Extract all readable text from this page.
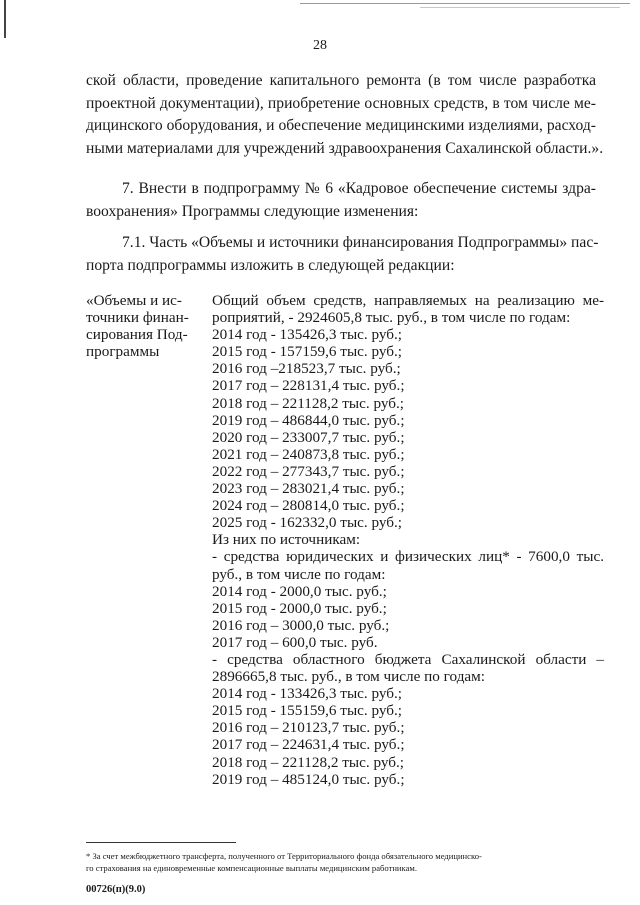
28
ской области, проведение капитального ремонта (в том числе разработка
проектной документации), приобретение основных средств, в том числе ме-
дицинского оборудования, и обеспечение медицинскими изделиями, расход-
ными материалами для учреждений здравоохранения Сахалинской области.».
7. Внести в подпрограмму № 6 «Кадровое обеспечение системы здра-
воохранения» Программы следующие изменения:
7.1. Часть «Объемы и источники финансирования Подпрограммы» пас-
порта подпрограммы изложить в следующей редакции:
«Объемы и ис-
точники финан-
сирования Под-
программы
Общий объем средств, направляемых на реализацию ме-
роприятий, - 2924605,8 тыс. руб., в том числе по годам:
2014 год - 135426,3 тыс. руб.;
2015 год - 157159,6 тыс. руб.;
2016 год –218523,7 тыс. руб.;
2017 год – 228131,4 тыс. руб.;
2018 год – 221128,2 тыс. руб.;
2019 год – 486844,0 тыс. руб.;
2020 год – 233007,7 тыс. руб.;
2021 год – 240873,8 тыс. руб.;
2022 год – 277343,7 тыс. руб.;
2023 год – 283021,4 тыс. руб.;
2024 год – 280814,0 тыс. руб.;
2025 год - 162332,0 тыс. руб.;
Из них по источникам:
- средства юридических и физических лиц* - 7600,0 тыс.
руб., в том числе по годам:
2014 год - 2000,0 тыс. руб.;
2015 год - 2000,0 тыс. руб.;
2016 год – 3000,0 тыс. руб.;
2017 год – 600,0 тыс. руб.
- средства областного бюджета Сахалинской области –
2896665,8 тыс. руб., в том числе по годам:
2014 год - 133426,3 тыс. руб.;
2015 год - 155159,6 тыс. руб.;
2016 год – 210123,7 тыс. руб.;
2017 год – 224631,4 тыс. руб.;
2018 год – 221128,2 тыс. руб.;
2019 год – 485124,0 тыс. руб.;
* За счет межбюджетного трансферта, полученного от Территориального фонда обязательного медицинско-
го страхования на единовременные компенсационные выплаты медицинским работникам.
00726(п)(9.0)
